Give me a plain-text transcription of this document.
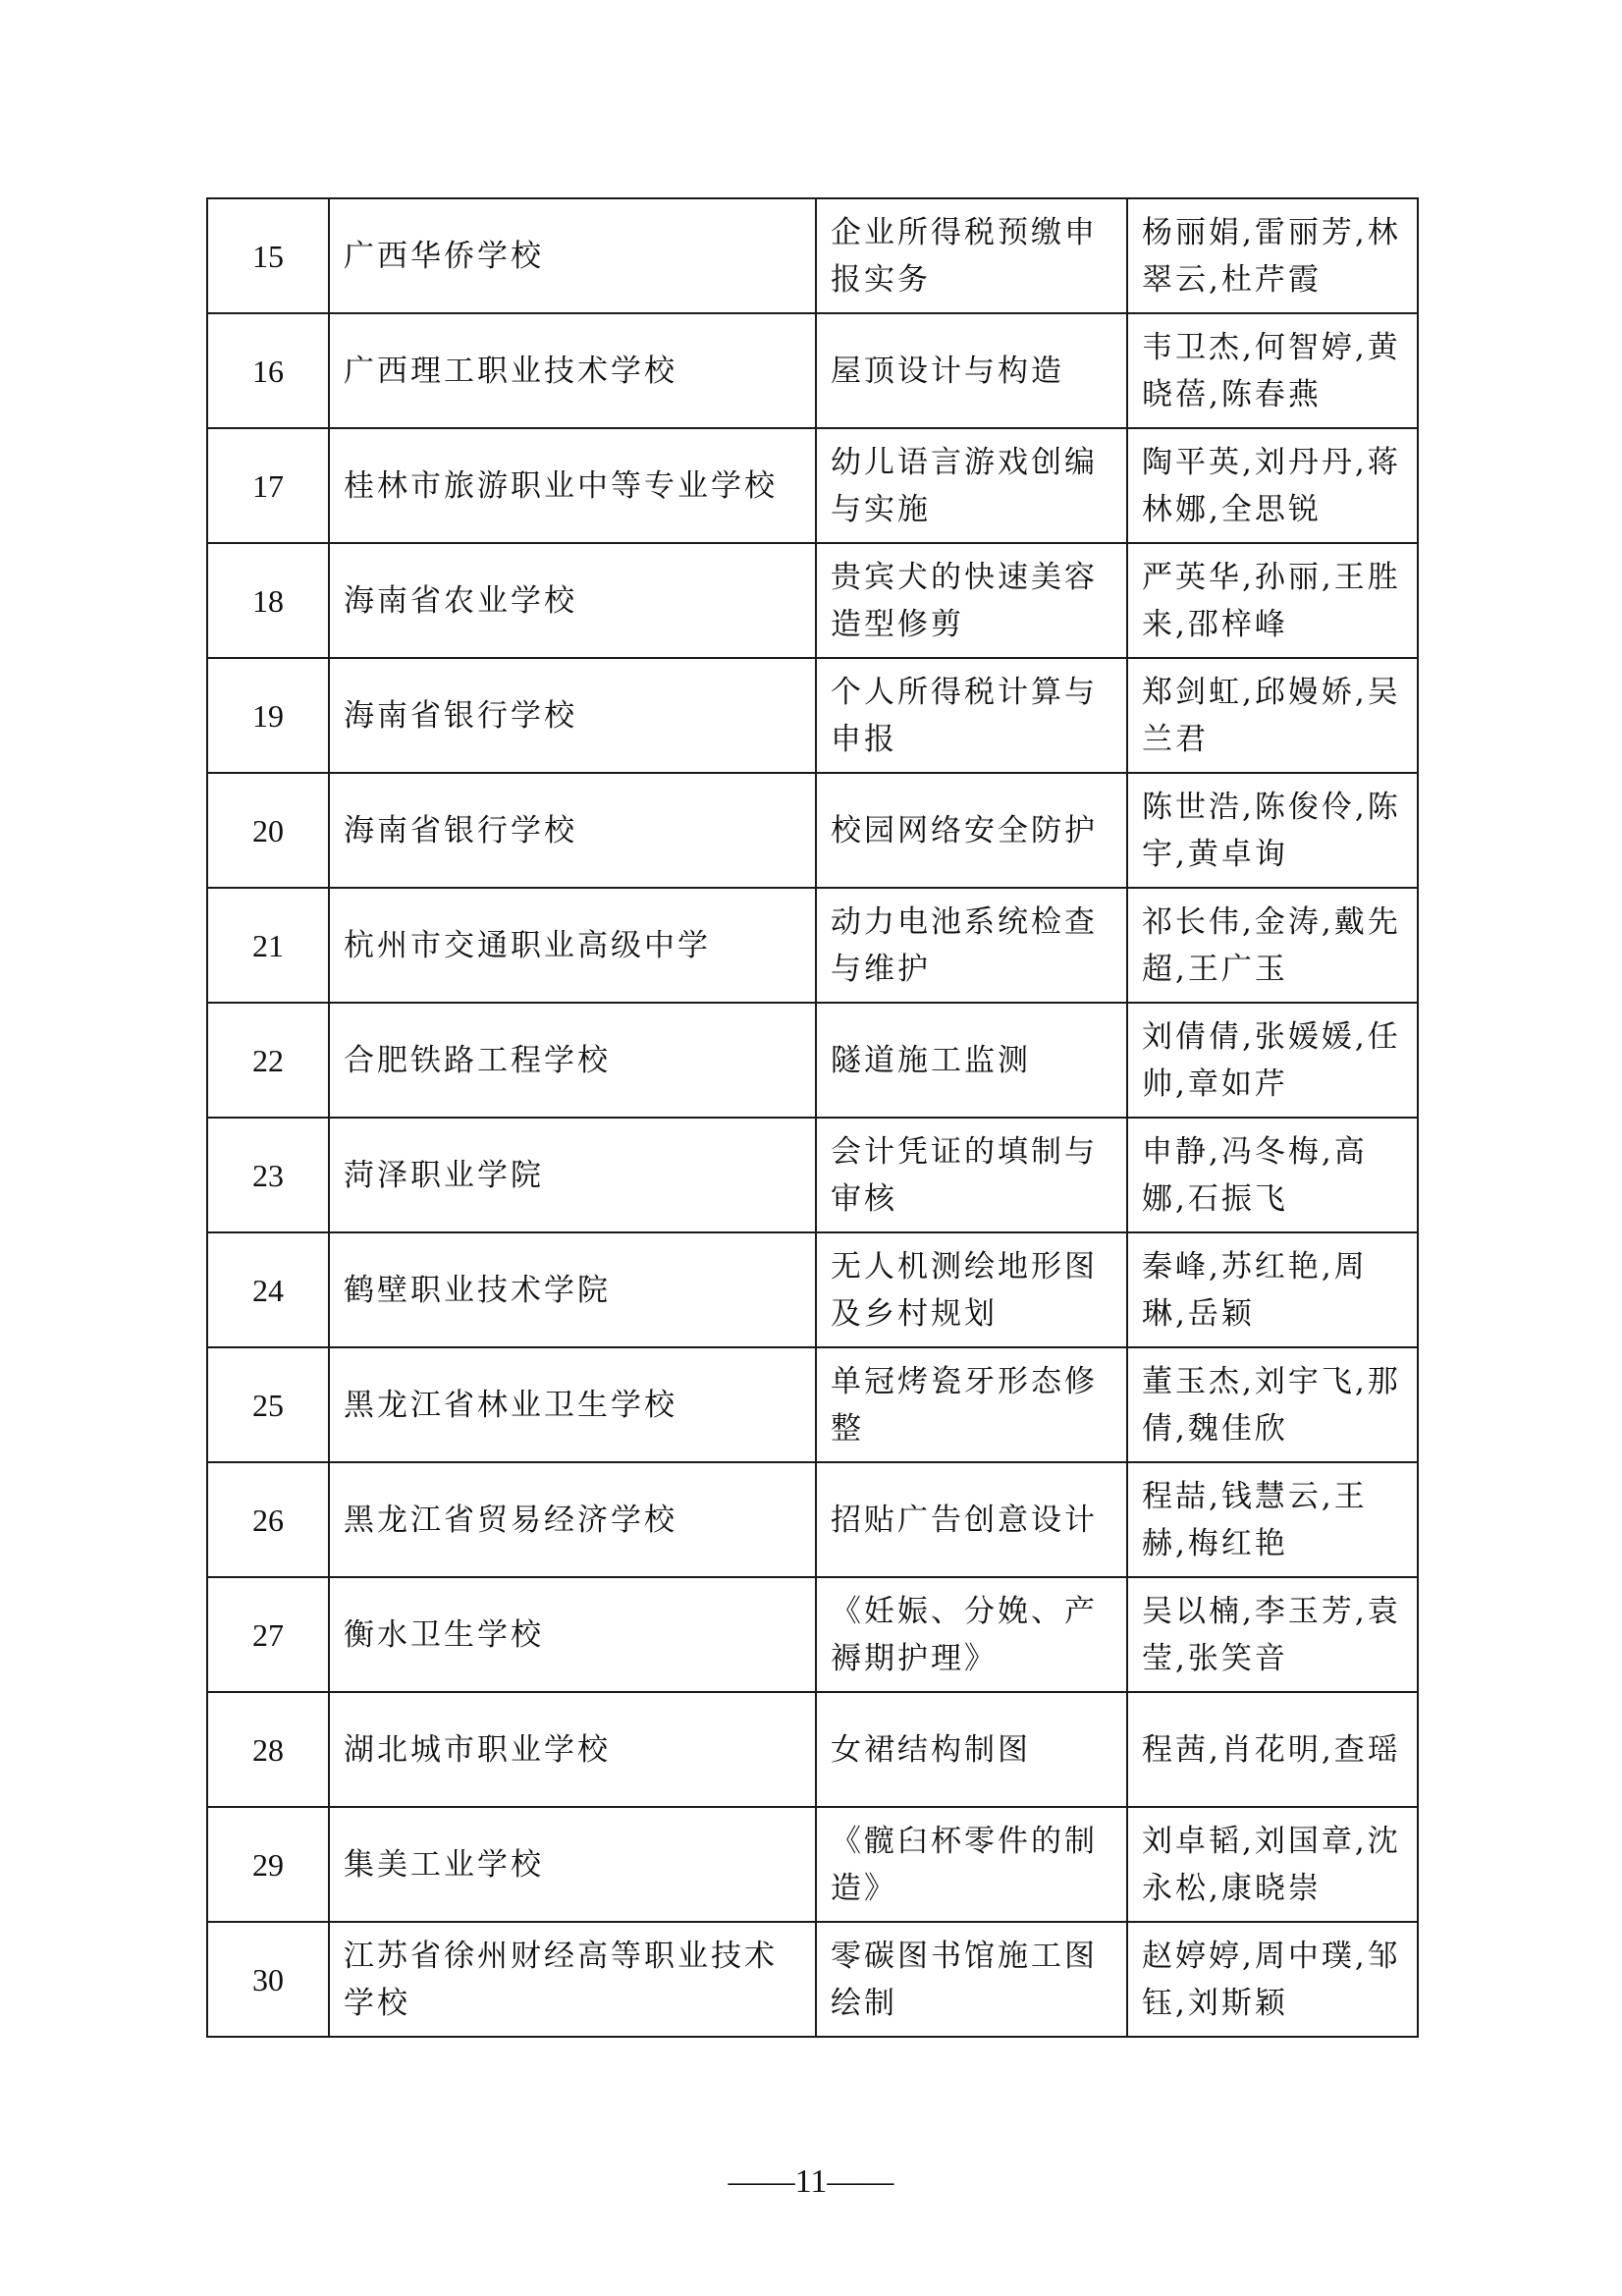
15	广西华侨学校	企业所得税预缴申报实务	杨丽娟,雷丽芳,林翠云,杜芹霞
16	广西理工职业技术学校	屋顶设计与构造	韦卫杰,何智婷,黄晓蓓,陈春燕
17	桂林市旅游职业中等专业学校	幼儿语言游戏创编与实施	陶平英,刘丹丹,蒋林娜,全思锐
18	海南省农业学校	贵宾犬的快速美容造型修剪	严英华,孙丽,王胜来,邵梓峰
19	海南省银行学校	个人所得税计算与申报	郑剑虹,邱嫚娇,吴兰君
20	海南省银行学校	校园网络安全防护	陈世浩,陈俊伶,陈宇,黄卓询
21	杭州市交通职业高级中学	动力电池系统检查与维护	祁长伟,金涛,戴先超,王广玉
22	合肥铁路工程学校	隧道施工监测	刘倩倩,张媛媛,任帅,章如芹
23	菏泽职业学院	会计凭证的填制与审核	申静,冯冬梅,高娜,石振飞
24	鹤壁职业技术学院	无人机测绘地形图及乡村规划	秦峰,苏红艳,周琳,岳颖
25	黑龙江省林业卫生学校	单冠烤瓷牙形态修整	董玉杰,刘宇飞,那倩,魏佳欣
26	黑龙江省贸易经济学校	招贴广告创意设计	程喆,钱慧云,王赫,梅红艳
27	衡水卫生学校	《妊娠、分娩、产褥期护理》	吴以楠,李玉芳,袁莹,张笑音
28	湖北城市职业学校	女裙结构制图	程茜,肖花明,查瑶
29	集美工业学校	《髋臼杯零件的制造》	刘卓韬,刘国章,沈永松,康晓崇
30	江苏省徐州财经高等职业技术学校	零碳图书馆施工图绘制	赵婷婷,周中璞,邹钰,刘斯颖
——11——
